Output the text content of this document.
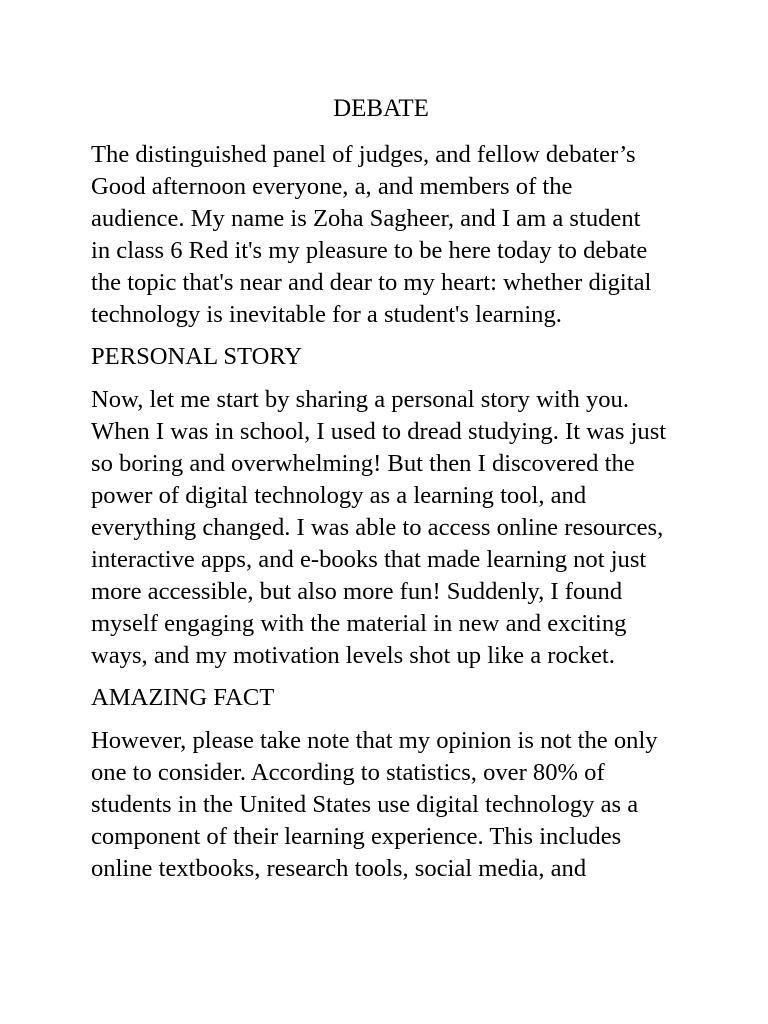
DEBATE

The distinguished panel of judges, and fellow debater’s
Good afternoon everyone, a, and members of the
audience. My name is Zoha Sagheer, and I am a student
in class 6 Red it's my pleasure to be here today to debate
the topic that's near and dear to my heart: whether digital
technology is inevitable for a student's learning.

PERSONAL STORY

Now, let me start by sharing a personal story with you.
When I was in school, I used to dread studying. It was just
so boring and overwhelming! But then I discovered the
power of digital technology as a learning tool, and
everything changed. I was able to access online resources,
interactive apps, and e-books that made learning not just
more accessible, but also more fun! Suddenly, I found
myself engaging with the material in new and exciting
ways, and my motivation levels shot up like a rocket.

AMAZING FACT

However, please take note that my opinion is not the only
one to consider. According to statistics, over 80% of
students in the United States use digital technology as a
component of their learning experience. This includes
online textbooks, research tools, social media, and
